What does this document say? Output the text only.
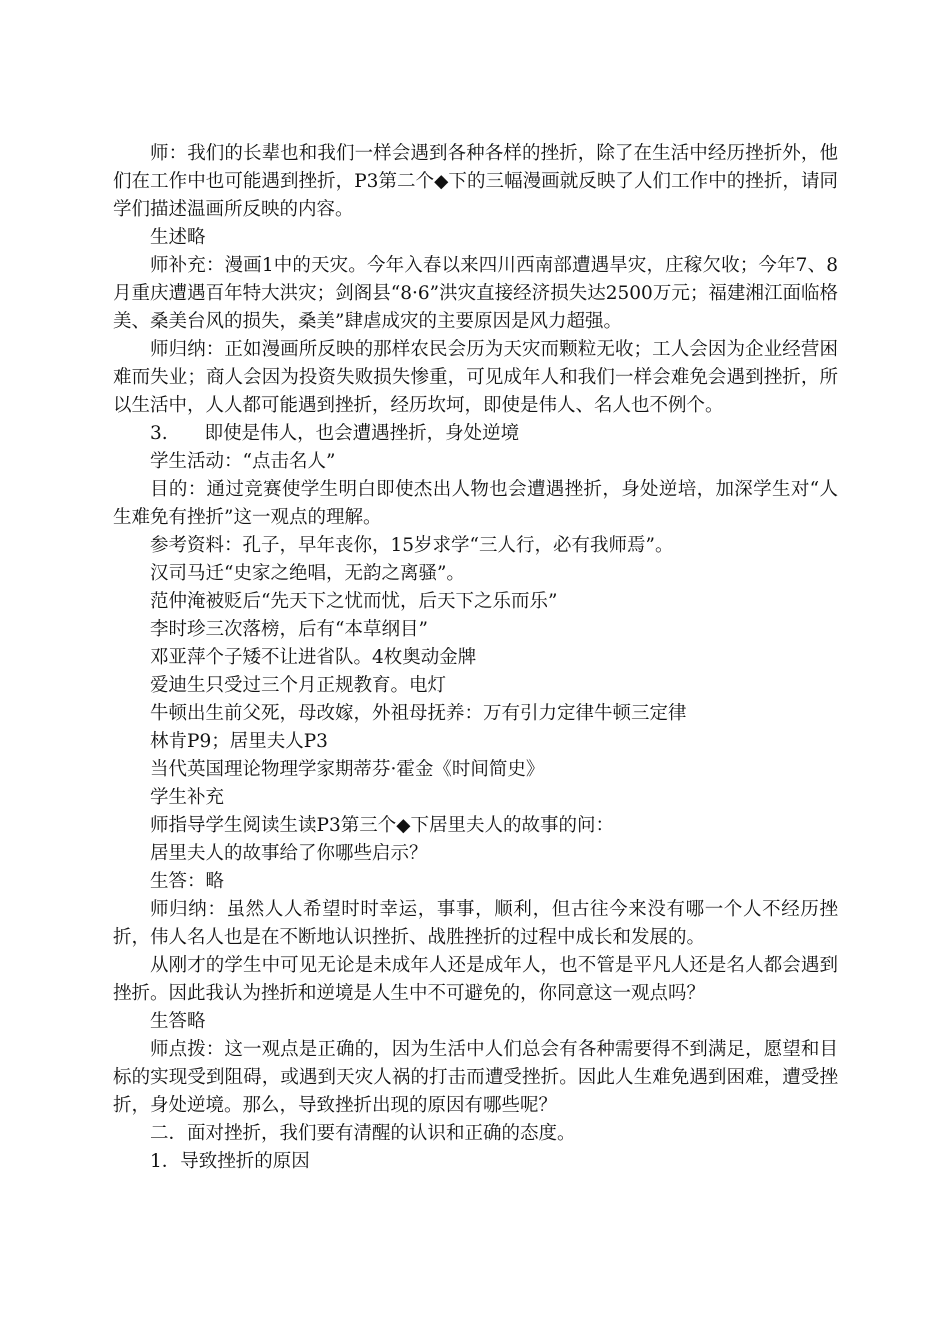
师：我们的长辈也和我们一样会遇到各种各样的挫折，除了在生活中经历挫折外，他们在工作中也可能遇到挫折，P3第二个◆下的三幅漫画就反映了人们工作中的挫折，请同学们描述温画所反映的内容。

生述略

师补充：漫画1中的天灾。今年入春以来四川西南部遭遇旱灾，庄稼欠收；今年7、8月重庆遭遇百年特大洪灾；剑阁县“8·6”洪灾直接经济损失达2500万元；福建湘江面临格美、桑美台风的损失，桑美”肆虐成灾的主要原因是风力超强。

师归纳：正如漫画所反映的那样农民会历为天灾而颗粒无收；工人会因为企业经营困难而失业；商人会因为投资失败损失惨重，可见成年人和我们一样会难免会遇到挫折，所以生活中，人人都可能遇到挫折，经历坎坷，即使是伟人、名人也不例个。

3.　　即使是伟人，也会遭遇挫折，身处逆境

学生活动：“点击名人”

目的：通过竞赛使学生明白即使杰出人物也会遭遇挫折，身处逆培，加深学生对“人生难免有挫折”这一观点的理解。

参考资料：孔子，早年丧你，15岁求学“三人行，必有我师焉”。

汉司马迁“史家之绝唱，无韵之离骚”。

范仲淹被贬后“先天下之忧而忧，后天下之乐而乐”

李时珍三次落榜，后有“本草纲目”

邓亚萍个子矮不让进省队。4枚奥动金牌

爱迪生只受过三个月正规教育。电灯

牛顿出生前父死，母改嫁，外祖母抚养：万有引力定律牛顿三定律

林肯P9；居里夫人P3

当代英国理论物理学家期蒂芬·霍金《时间简史》

学生补充

师指导学生阅读生读P3第三个◆下居里夫人的故事的问：

居里夫人的故事给了你哪些启示？

生答：略

师归纳：虽然人人希望时时幸运，事事，顺利，但古往今来没有哪一个人不经历挫折，伟人名人也是在不断地认识挫折、战胜挫折的过程中成长和发展的。

从刚才的学生中可见无论是未成年人还是成年人，也不管是平凡人还是名人都会遇到挫折。因此我认为挫折和逆境是人生中不可避免的，你同意这一观点吗？

生答略

师点拨：这一观点是正确的，因为生活中人们总会有各种需要得不到满足，愿望和目标的实现受到阻碍，或遇到天灾人祸的打击而遭受挫折。因此人生难免遇到困难，遭受挫折，身处逆境。那么，导致挫折出现的原因有哪些呢？

二．面对挫折，我们要有清醒的认识和正确的态度。

1．导致挫折的原因
